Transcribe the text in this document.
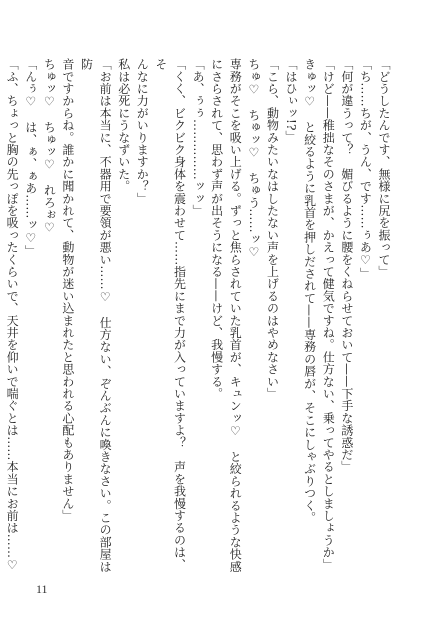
「どうしたんです、無様に尻を振って」
「ち……ちが、うん、です……ぅあ♡」
「何が違うって？　媚びるように腰をくねらせておいて——下手な誘惑だ」
「けど——稚拙なそのさまが、かえって健気ですね。仕方ない、乗ってやるとしましょうか」
きゅッ♡　と絞るように乳首を押しだされて——専務の唇が、そこにしゃぶりつく。
「はひぃッ!?」
「こら、動物みたいなはしたない声を上げるのはやめなさい」
ちゅ♡　ちゅッ♡　ちゅう……ッ♡
専務がそこを吸い上げる。ずっと焦らされていた乳首が、キュンッ♡　と絞られるような快感
にさらされて、思わず声が出そうになる——けど、我慢する。
「あ、ぅぅ……………ッッ」
「くく、ビクビク身体を震わせて……指先にまで力が入っていますよ？　声を我慢するのは、そ
んなに力がいりますか？」
私は必死にうなずいた。
「お前は本当に、不器用で要領が悪い……♡　仕方ない、ぞんぶんに喚きなさい。この部屋は防
音ですからね。誰かに聞かれて、動物が迷い込まれたと思われる心配もありません」
ちゅッ♡　ちゅッ♡　れろぉ♡
「んぅ♡　は、ぁ、ぁあ……ッ♡」
「ふ、ちょっと胸の先っぽを吸ったくらいで、天井を仰いで喘ぐとは……本当にお前は……♡
11
